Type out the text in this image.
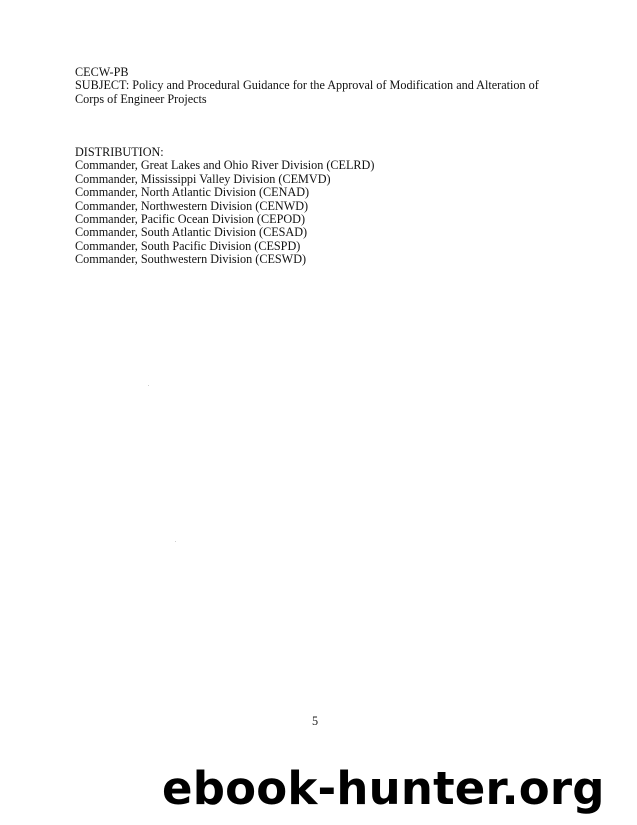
CECW-PB
SUBJECT: Policy and Procedural Guidance for the Approval of Modification and Alteration of
Corps of Engineer Projects
DISTRIBUTION:
Commander, Great Lakes and Ohio River Division (CELRD)
Commander, Mississippi Valley Division (CEMVD)
Commander, North Atlantic Division (CENAD)
Commander, Northwestern Division (CENWD)
Commander, Pacific Ocean Division (CEPOD)
Commander, South Atlantic Division (CESAD)
Commander, South Pacific Division (CESPD)
Commander, Southwestern Division (CESWD)
5
ebook-hunter.org
